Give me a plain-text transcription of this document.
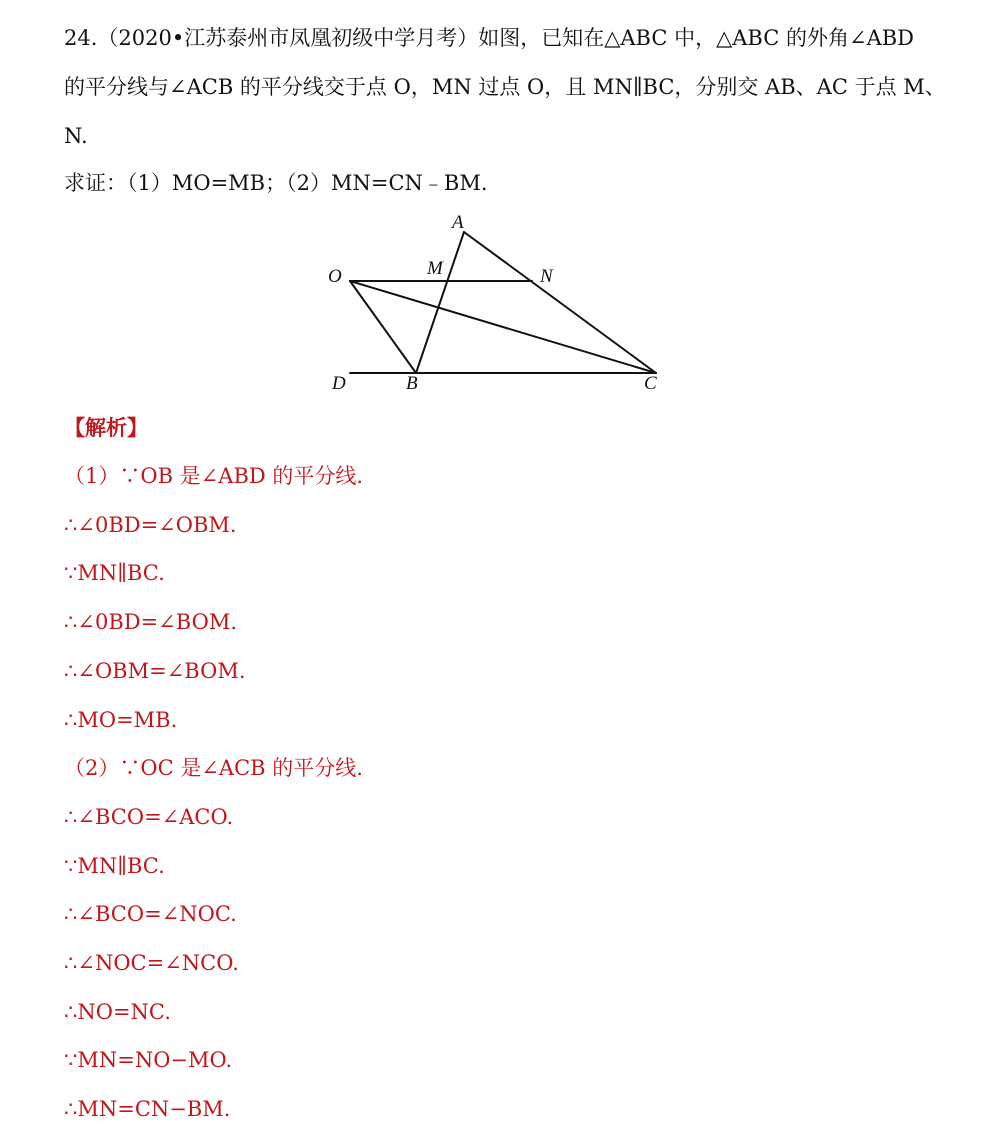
24.（2020•江苏泰州市凤凰初级中学月考）如图，已知在△ABC 中，△ABC 的外角∠ABD
的平分线与∠ACB 的平分线交于点 O，MN 过点 O，且 MN∥BC，分别交 AB、AC 于点 M、
N.
求证：（1）MO=MB；（2）MN=CN﹣BM.
A
O	M	N
D	B	C
【解析】
（1）∵OB 是∠ABD 的平分线.
∴∠0BD=∠OBM.
∵MN∥BC.
∴∠0BD=∠BOM.
∴∠OBM=∠BOM.
∴MO=MB.
（2）∵OC 是∠ACB 的平分线.
∴∠BCO=∠ACO.
∵MN∥BC.
∴∠BCO=∠NOC.
∴∠NOC=∠NCO.
∴NO=NC.
∵MN=NO−MO.
∴MN=CN−BM.
